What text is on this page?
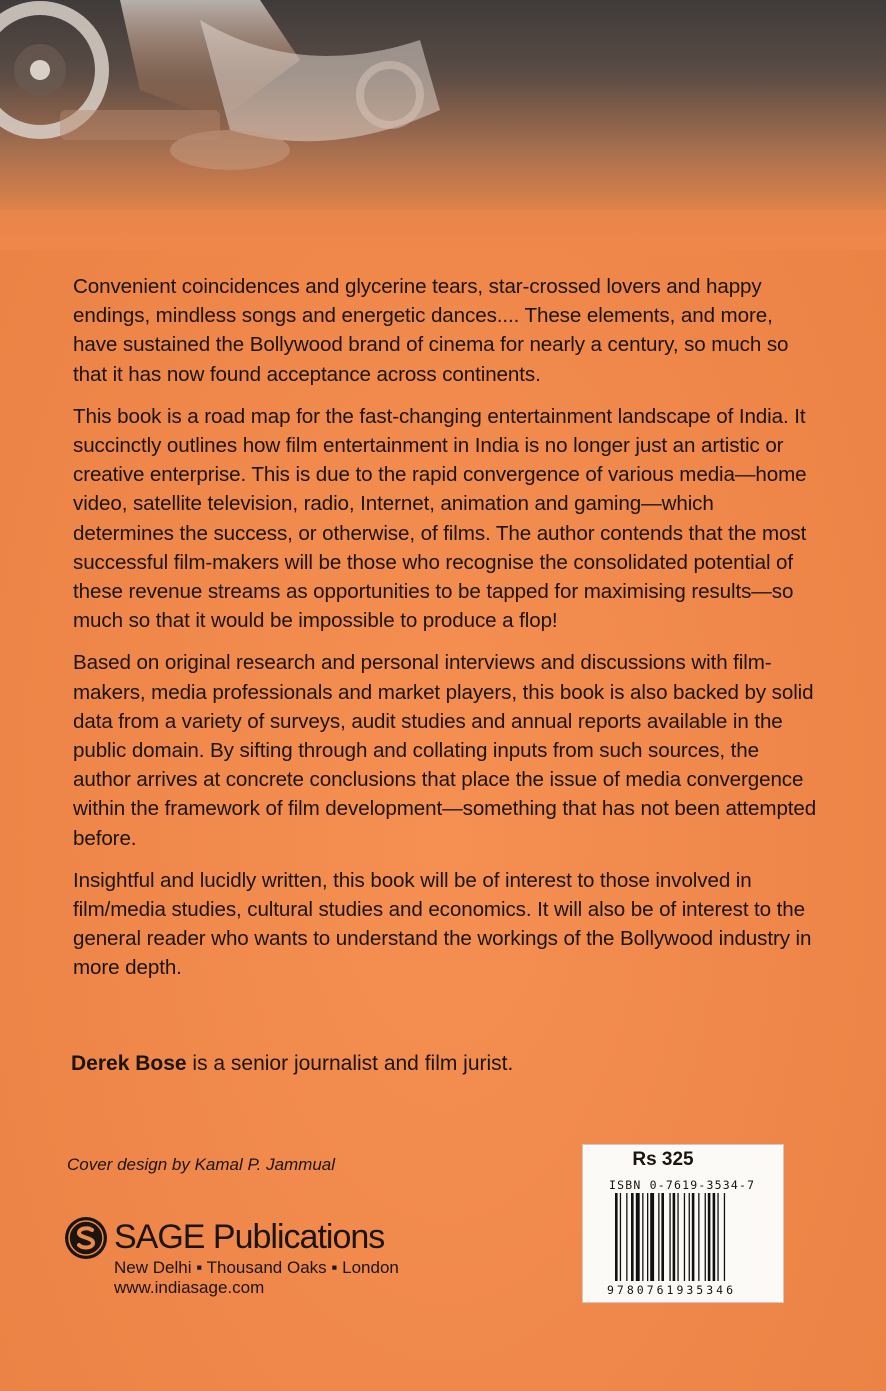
Convenient coincidences and glycerine tears, star-crossed lovers and happy endings, mindless songs and energetic dances.... These elements, and more, have sustained the Bollywood brand of cinema for nearly a century, so much so that it has now found acceptance across continents.

This book is a road map for the fast-changing entertainment landscape of India. It succinctly outlines how film entertainment in India is no longer just an artistic or creative enterprise. This is due to the rapid convergence of various media—home video, satellite television, radio, Internet, animation and gaming—which determines the success, or otherwise, of films. The author contends that the most successful film-makers will be those who recognise the consolidated potential of these revenue streams as opportunities to be tapped for maximising results—so much so that it would be impossible to produce a flop!

Based on original research and personal interviews and discussions with film-makers, media professionals and market players, this book is also backed by solid data from a variety of surveys, audit studies and annual reports available in the public domain. By sifting through and collating inputs from such sources, the author arrives at concrete conclusions that place the issue of media convergence within the framework of film development—something that has not been attempted before.

Insightful and lucidly written, this book will be of interest to those involved in film/media studies, cultural studies and economics. It will also be of interest to the general reader who wants to understand the workings of the Bollywood industry in more depth.

Derek Bose is a senior journalist and film jurist.
Cover design by Kamal P. Jammual
SAGE Publications
New Delhi ▪ Thousand Oaks ▪ London
www.indiasage.com
Rs 325
ISBN 0-7619-3534-7
9780761935346
